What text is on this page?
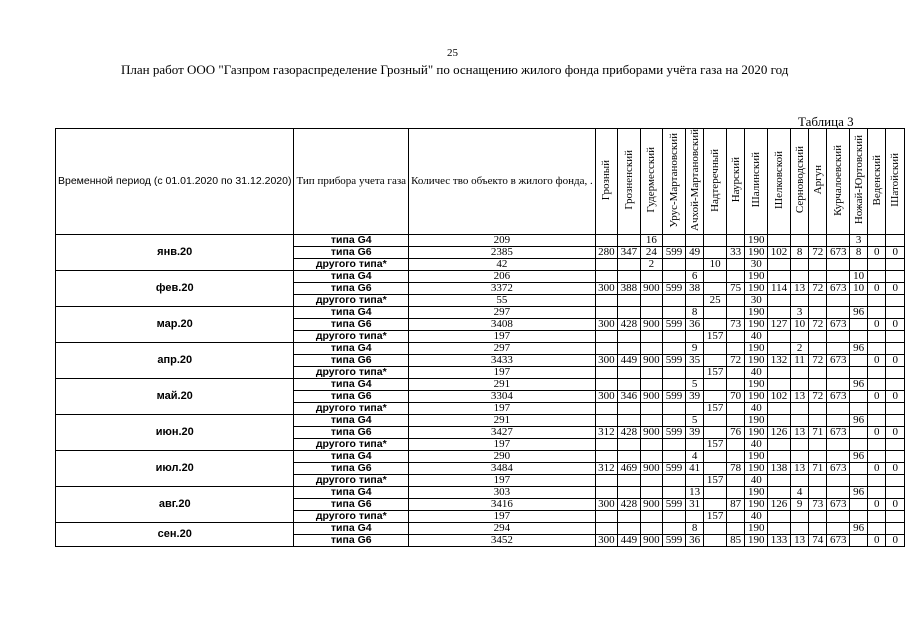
25
План работ ООО "Газпром газораспределение Грозный" по оснащению жилого фонда приборами учёта газа на 2020 год
Таблица 3
Временной период (с 01.01.2020 по 31.12.2020)	Тип прибора учета газа	Количес тво объекто в жилого фонда, .	Грозный	Грозненский	Гудермесский	Урус-Мартановский	Ачхой-Мартановский	Надтеречный	Наурский	Шалинский	Шелковской	Серноводский	Аргун	Курчалоевский	Ножай-Юртовский	Веденский	Шатойский
янв.20	типа G4	209			16					190					3		
	типа G6	2385	280	347	24	599	49		33	190	102	8	72	673	8	0	0
	другого типа*	42			2			10		30							
фев.20	типа G4	206					6			190					10		
	типа G6	3372	300	388	900	599	38		75	190	114	13	72	673	10	0	0
	другого типа*	55						25		30							
мар.20	типа G4	297					8			190		3			96		
	типа G6	3408	300	428	900	599	36		73	190	127	10	72	673		0	0
	другого типа*	197						157		40							
апр.20	типа G4	297					9			190		2			96		
	типа G6	3433	300	449	900	599	35		72	190	132	11	72	673		0	0
	другого типа*	197						157		40							
май.20	типа G4	291					5			190					96		
	типа G6	3304	300	346	900	599	39		70	190	102	13	72	673		0	0
	другого типа*	197						157		40							
июн.20	типа G4	291					5			190					96		
	типа G6	3427	312	428	900	599	39		76	190	126	13	71	673		0	0
	другого типа*	197						157		40							
июл.20	типа G4	290					4			190					96		
	типа G6	3484	312	469	900	599	41		78	190	138	13	71	673		0	0
	другого типа*	197						157		40							
авг.20	типа G4	303					13			190		4			96		
	типа G6	3416	300	428	900	599	31		87	190	126	9	73	673		0	0
	другого типа*	197						157		40							
сен.20	типа G4	294					8			190					96		
	типа G6	3452	300	449	900	599	36		85	190	133	13	74	673		0	0
